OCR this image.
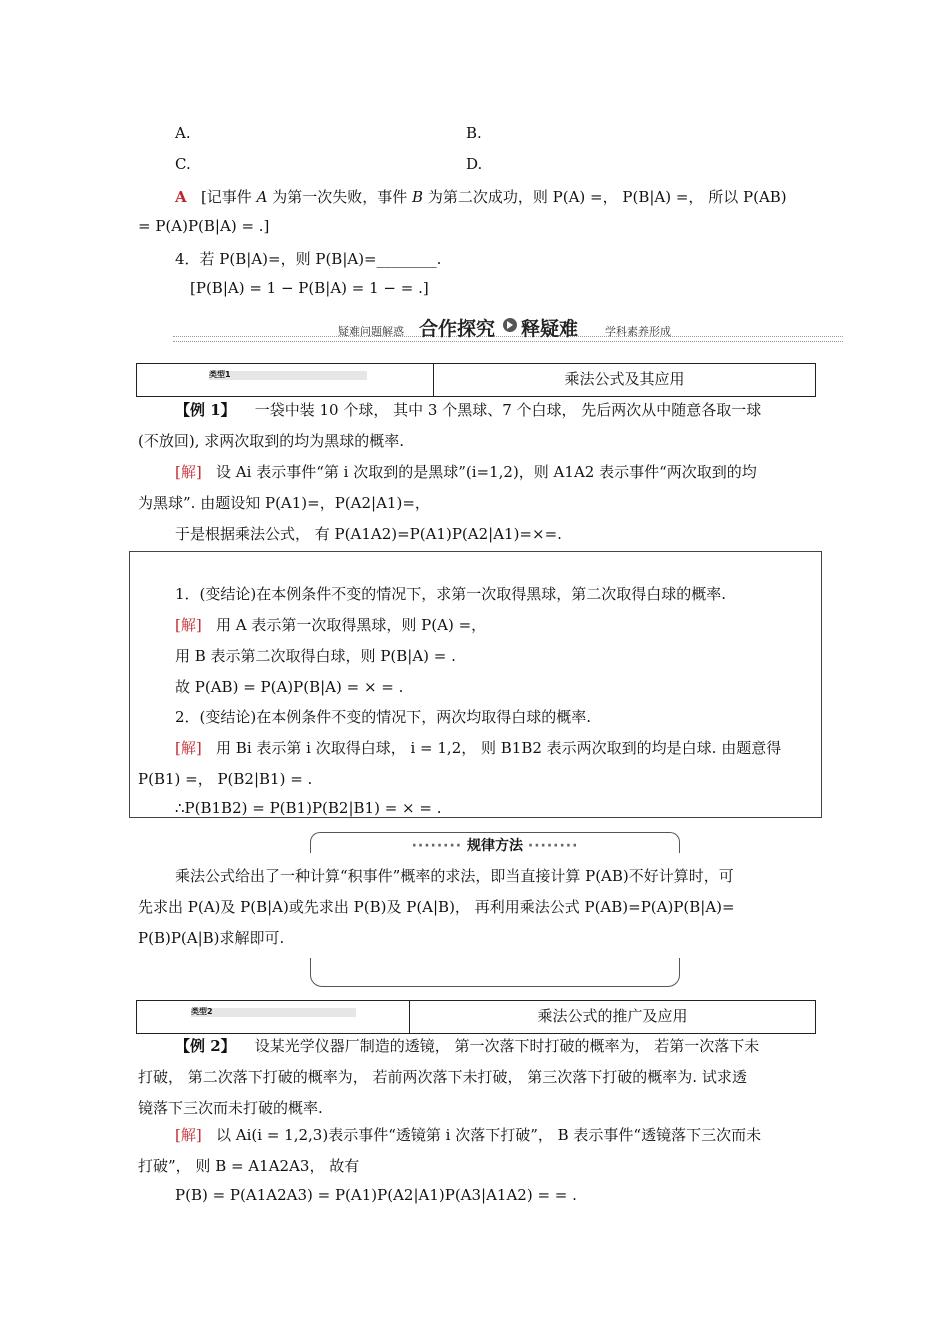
A.	B.
C.	D.
A [记事件 A 为第一次失败，事件 B 为第二次成功，则 P(A) =， P(B|A) =， 所以 P(AB)
= P(A)P(B|A) = .]
4．若 P(B|A)=，则 P(B|A)=________.
[P(B|A) = 1 − P(B|A) = 1 − = .]
疑难问题解惑 合作探究 释疑难 学科素养形成
类型1	乘法公式及其应用
【例 1】 一袋中装 10 个球， 其中 3 个黑球、7 个白球， 先后两次从中随意各取一球
(不放回), 求两次取到的均为黑球的概率.
[解] 设 Ai 表示事件“第 i 次取到的是黑球”(i=1,2)，则 A1A2 表示事件“两次取到的均
为黑球”. 由题设知 P(A1)=，P(A2|A1)=，
于是根据乘法公式， 有 P(A1A2)=P(A1)P(A2|A1)=×=.
1．(变结论)在本例条件不变的情况下，求第一次取得黑球，第二次取得白球的概率.
[解] 用 A 表示第一次取得黑球，则 P(A) =，
用 B 表示第二次取得白球，则 P(B|A) = .
故 P(AB) = P(A)P(B|A) = × = .
2．(变结论)在本例条件不变的情况下，两次均取得白球的概率.
[解] 用 Bi 表示第 i 次取得白球， i = 1,2， 则 B1B2 表示两次取到的均是白球. 由题意得
P(B1) =， P(B2|B1) = .
∴P(B1B2) = P(B1)P(B2|B1) = × = .
········ 规律方法 ········
乘法公式给出了一种计算“积事件”概率的求法，即当直接计算 P(AB)不好计算时，可
先求出 P(A)及 P(B|A)或先求出 P(B)及 P(A|B)， 再利用乘法公式 P(AB)=P(A)P(B|A)=
P(B)P(A|B)求解即可.
类型2	乘法公式的推广及应用
【例 2】 设某光学仪器厂制造的透镜， 第一次落下时打破的概率为， 若第一次落下未
打破， 第二次落下打破的概率为， 若前两次落下未打破， 第三次落下打破的概率为. 试求透
镜落下三次而未打破的概率.
[解] 以 Ai(i = 1,2,3)表示事件“透镜第 i 次落下打破”， B 表示事件“透镜落下三次而未
打破”， 则 B = A1A2A3， 故有
P(B) = P(A1A2A3) = P(A1)P(A2|A1)P(A3|A1A2) = = .
